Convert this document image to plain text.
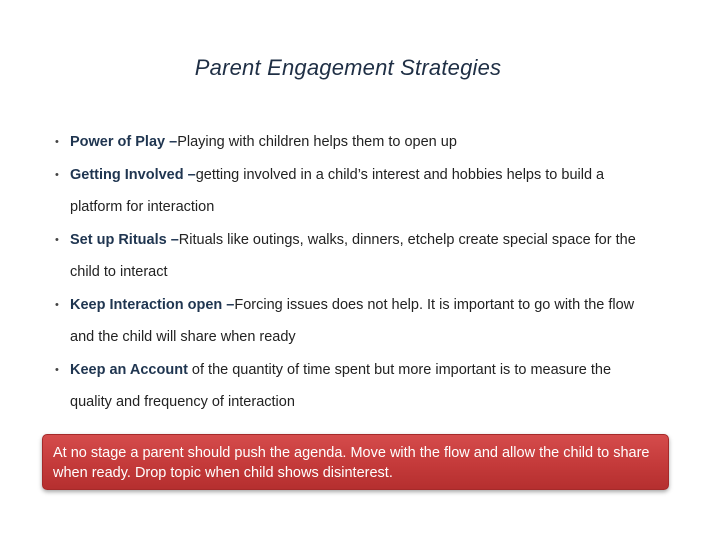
Parent Engagement Strategies
• Power of Play –Playing with children helps them to open up
• Getting Involved –getting involved in a child’s interest and hobbies helps to build a platform for interaction
• Set up Rituals –Rituals like outings, walks, dinners, etchelp create special space for the child to interact
• Keep Interaction open –Forcing issues does not help. It is important to go with the flow and the child will share when ready
• Keep an Account of the quantity of time spent but more important is to measure the quality and frequency of interaction
At no stage a parent should push the agenda. Move with the flow and allow the child to share when ready. Drop topic when child shows disinterest.
